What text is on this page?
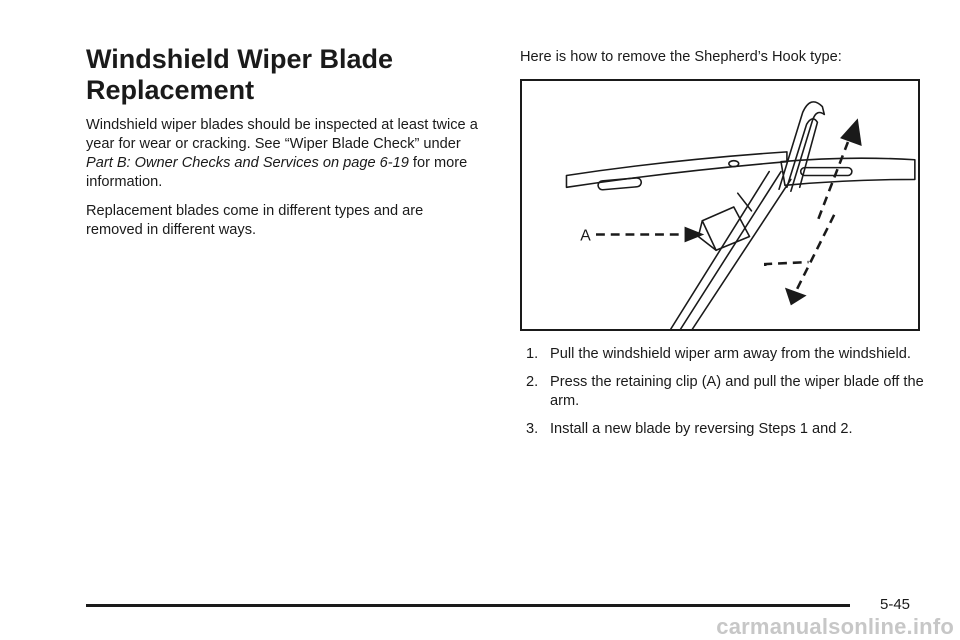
Windshield Wiper Blade
Replacement

Windshield wiper blades should be inspected at least twice a year for wear or cracking. See “Wiper Blade Check” under Part B: Owner Checks and Services on page 6-19 for more information.

Replacement blades come in different types and are removed in different ways.

Here is how to remove the Shepherd’s Hook type:

A
1. Pull the windshield wiper arm away from the windshield.
2. Press the retaining clip (A) and pull the wiper blade off the arm.
3. Install a new blade by reversing Steps 1 and 2.
5-45
carmanualsonline.info
